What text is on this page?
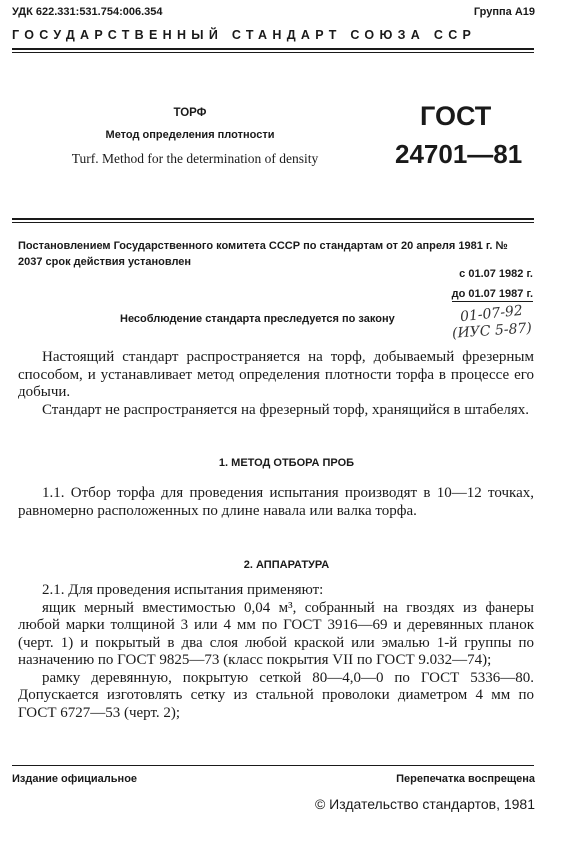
УДК 622.331:531.754:006.354	Группа А19
ГОСУДАРСТВЕННЫЙ СТАНДАРТ СОЮЗА ССР
ТОРФ
Метод определения плотности
Turf. Method for the determination of density
ГОСТ
24701—81
Постановлением Государственного комитета СССР по стандартам от 20 апреля 1981 г. № 2037 срок действия установлен
с 01.07 1982 г.
до 01.07 1987 г.
Несоблюдение стандарта преследуется по закону	01-07-92
(ИУС 5-87)

Настоящий стандарт распространяется на торф, добываемый фрезерным способом, и устанавливает метод определения плотности торфа в процессе его добычи.

Стандарт не распространяется на фрезерный торф, хранящийся в штабелях.

1. МЕТОД ОТБОРА ПРОБ

1.1. Отбор торфа для проведения испытания производят в 10—12 точках, равномерно расположенных по длине навала или валка торфа.

2. АППАРАТУРА

2.1. Для проведения испытания применяют:

ящик мерный вместимостью 0,04 м³, собранный на гвоздях из фанеры любой марки толщиной 3 или 4 мм по ГОСТ 3916—69 и деревянных планок (черт. 1) и покрытый в два слоя любой краской или эмалью 1-й группы по назначению по ГОСТ 9825—73 (класс покрытия VII по ГОСТ 9.032—74);

рамку деревянную, покрытую сеткой 80—4,0—0 по ГОСТ 5336—80. Допускается изготовлять сетку из стальной проволоки диаметром 4 мм по ГОСТ 6727—53 (черт. 2);

Издание официальное	Перепечатка воспрещена
© Издательство стандартов, 1981
